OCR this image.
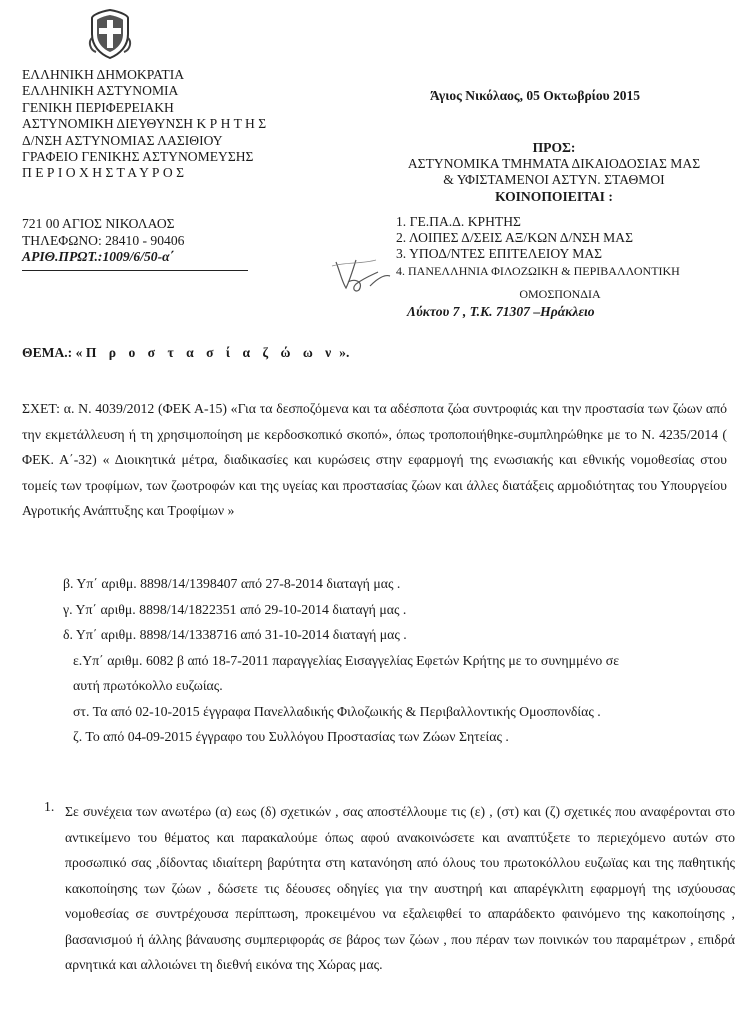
ΕΛΛΗΝΙΚΗ ΔΗΜΟΚΡΑΤΙΑ
ΕΛΛΗΝΙΚΗ ΑΣΤΥΝΟΜΙΑ
ΓΕΝΙΚΗ ΠΕΡΙΦΕΡΕΙΑΚΗ
ΑΣΤΥΝΟΜΙΚΗ ΔΙΕΥΘΥΝΣΗ Κ Ρ Η Τ Η Σ
Δ/ΝΣΗ ΑΣΤΥΝΟΜΙΑΣ ΛΑΣΙΘΙΟΥ
ΓΡΑΦΕΙΟ ΓΕΝΙΚΗΣ ΑΣΤΥΝΟΜΕΥΣΗΣ
Π Ε Ρ Ι Ο Χ Η Σ Τ Α Υ Ρ Ο Σ
721 00 ΑΓΙΟΣ ΝΙΚΟΛΑΟΣ
ΤΗΛΕΦΩΝΟ: 28410 - 90406
ΑΡΙΘ.ΠΡΩΤ.:1009/6/50-α΄
Άγιος Νικόλαος, 05 Οκτωβρίου 2015
ΠΡΟΣ:
ΑΣΤΥΝΟΜΙΚΑ ΤΜΗΜΑΤΑ ΔΙΚΑΙΟΔΟΣΙΑΣ ΜΑΣ
& ΥΦΙΣΤΑΜΕΝΟΙ ΑΣΤΥΝ. ΣΤΑΘΜΟΙ
ΚΟΙΝΟΠΟΙΕΙΤΑΙ :
1. ΓΕ.ΠΑ.Δ. ΚΡΗΤΗΣ
2. ΛΟΙΠΕΣ Δ/ΣΕΙΣ ΑΞ/ΚΩΝ Δ/ΝΣΗ ΜΑΣ
3. ΥΠΟΔ/ΝΤΕΣ ΕΠΙΤΕΛΕΙΟΥ ΜΑΣ
4. ΠΑΝΕΛΛΗΝΙΑ ΦΙΛΟΖΩΙΚΗ & ΠΕΡΙΒΑΛΛΟΝΤΙΚΗ
ΟΜΟΣΠΟΝΔΙΑ
Λύκτου 7 , Τ.Κ. 71307 –Ηράκλειο
ΘΕΜΑ.: « Π ρ ο σ τ α σ ί α ζ ώ ω ν ».
ΣΧΕΤ: α. Ν. 4039/2012 (ΦΕΚ Α-15) «Για τα δεσποζόμενα και τα αδέσποτα ζώα συντροφιάς και την προστασία των ζώων από την εκμετάλλευση ή τη χρησιμοποίηση με κερδοσκοπικό σκοπό», όπως τροποποιήθηκε-συμπληρώθηκε με το Ν. 4235/2014 ( ΦΕΚ. Α΄-32) « Διοικητικά μέτρα, διαδικασίες και κυρώσεις στην εφαρμογή της ενωσιακής και εθνικής νομοθεσίας στου τομείς των τροφίμων, των ζωοτροφών και της υγείας και προστασίας ζώων και άλλες διατάξεις αρμοδιότητας του Υπουργείου Αγροτικής Ανάπτυξης και Τροφίμων »
β. Υπ΄ αριθμ. 8898/14/1398407 από 27-8-2014 διαταγή μας .
γ. Υπ΄ αριθμ. 8898/14/1822351 από 29-10-2014 διαταγή μας .
δ. Υπ΄ αριθμ. 8898/14/1338716 από 31-10-2014 διαταγή μας .
ε.Υπ΄ αριθμ. 6082 β από 18-7-2011 παραγγελίας Εισαγγελίας Εφετών Κρήτης με το συνημμένο σε
αυτή πρωτόκολλο ευζωίας.
στ. Τα από 02-10-2015 έγγραφα Πανελλαδικής Φιλοζωικής & Περιβαλλοντικής Ομοσπονδίας .
ζ. Το από 04-09-2015 έγγραφο του Συλλόγου Προστασίας των Ζώων Σητείας .
1. Σε συνέχεια των ανωτέρω (α) εως (δ) σχετικών , σας αποστέλλουμε τις (ε) , (στ) και (ζ) σχετικές που αναφέρονται στο αντικείμενο του θέματος και παρακαλούμε όπως αφού ανακοινώσετε και αναπτύξετε το περιεχόμενο αυτών στο προσωπικό σας ,δίδοντας ιδιαίτερη βαρύτητα στη κατανόηση από όλους του πρωτοκόλλου ευζωϊας και της παθητικής κακοποίησης των ζώων , δώσετε τις δέουσες οδηγίες για την αυστηρή και απαρέγκλιτη εφαρμογή της ισχύουσας νομοθεσίας σε συντρέχουσα περίπτωση, προκειμένου να εξαλειφθεί το απαράδεκτο φαινόμενο της κακοποίησης , βασανισμού ή άλλης βάναυσης συμπεριφοράς σε βάρος των ζώων , που πέραν των ποινικών του παραμέτρων , επιδρά αρνητικά και αλλοιώνει τη διεθνή εικόνα της Χώρας μας.
